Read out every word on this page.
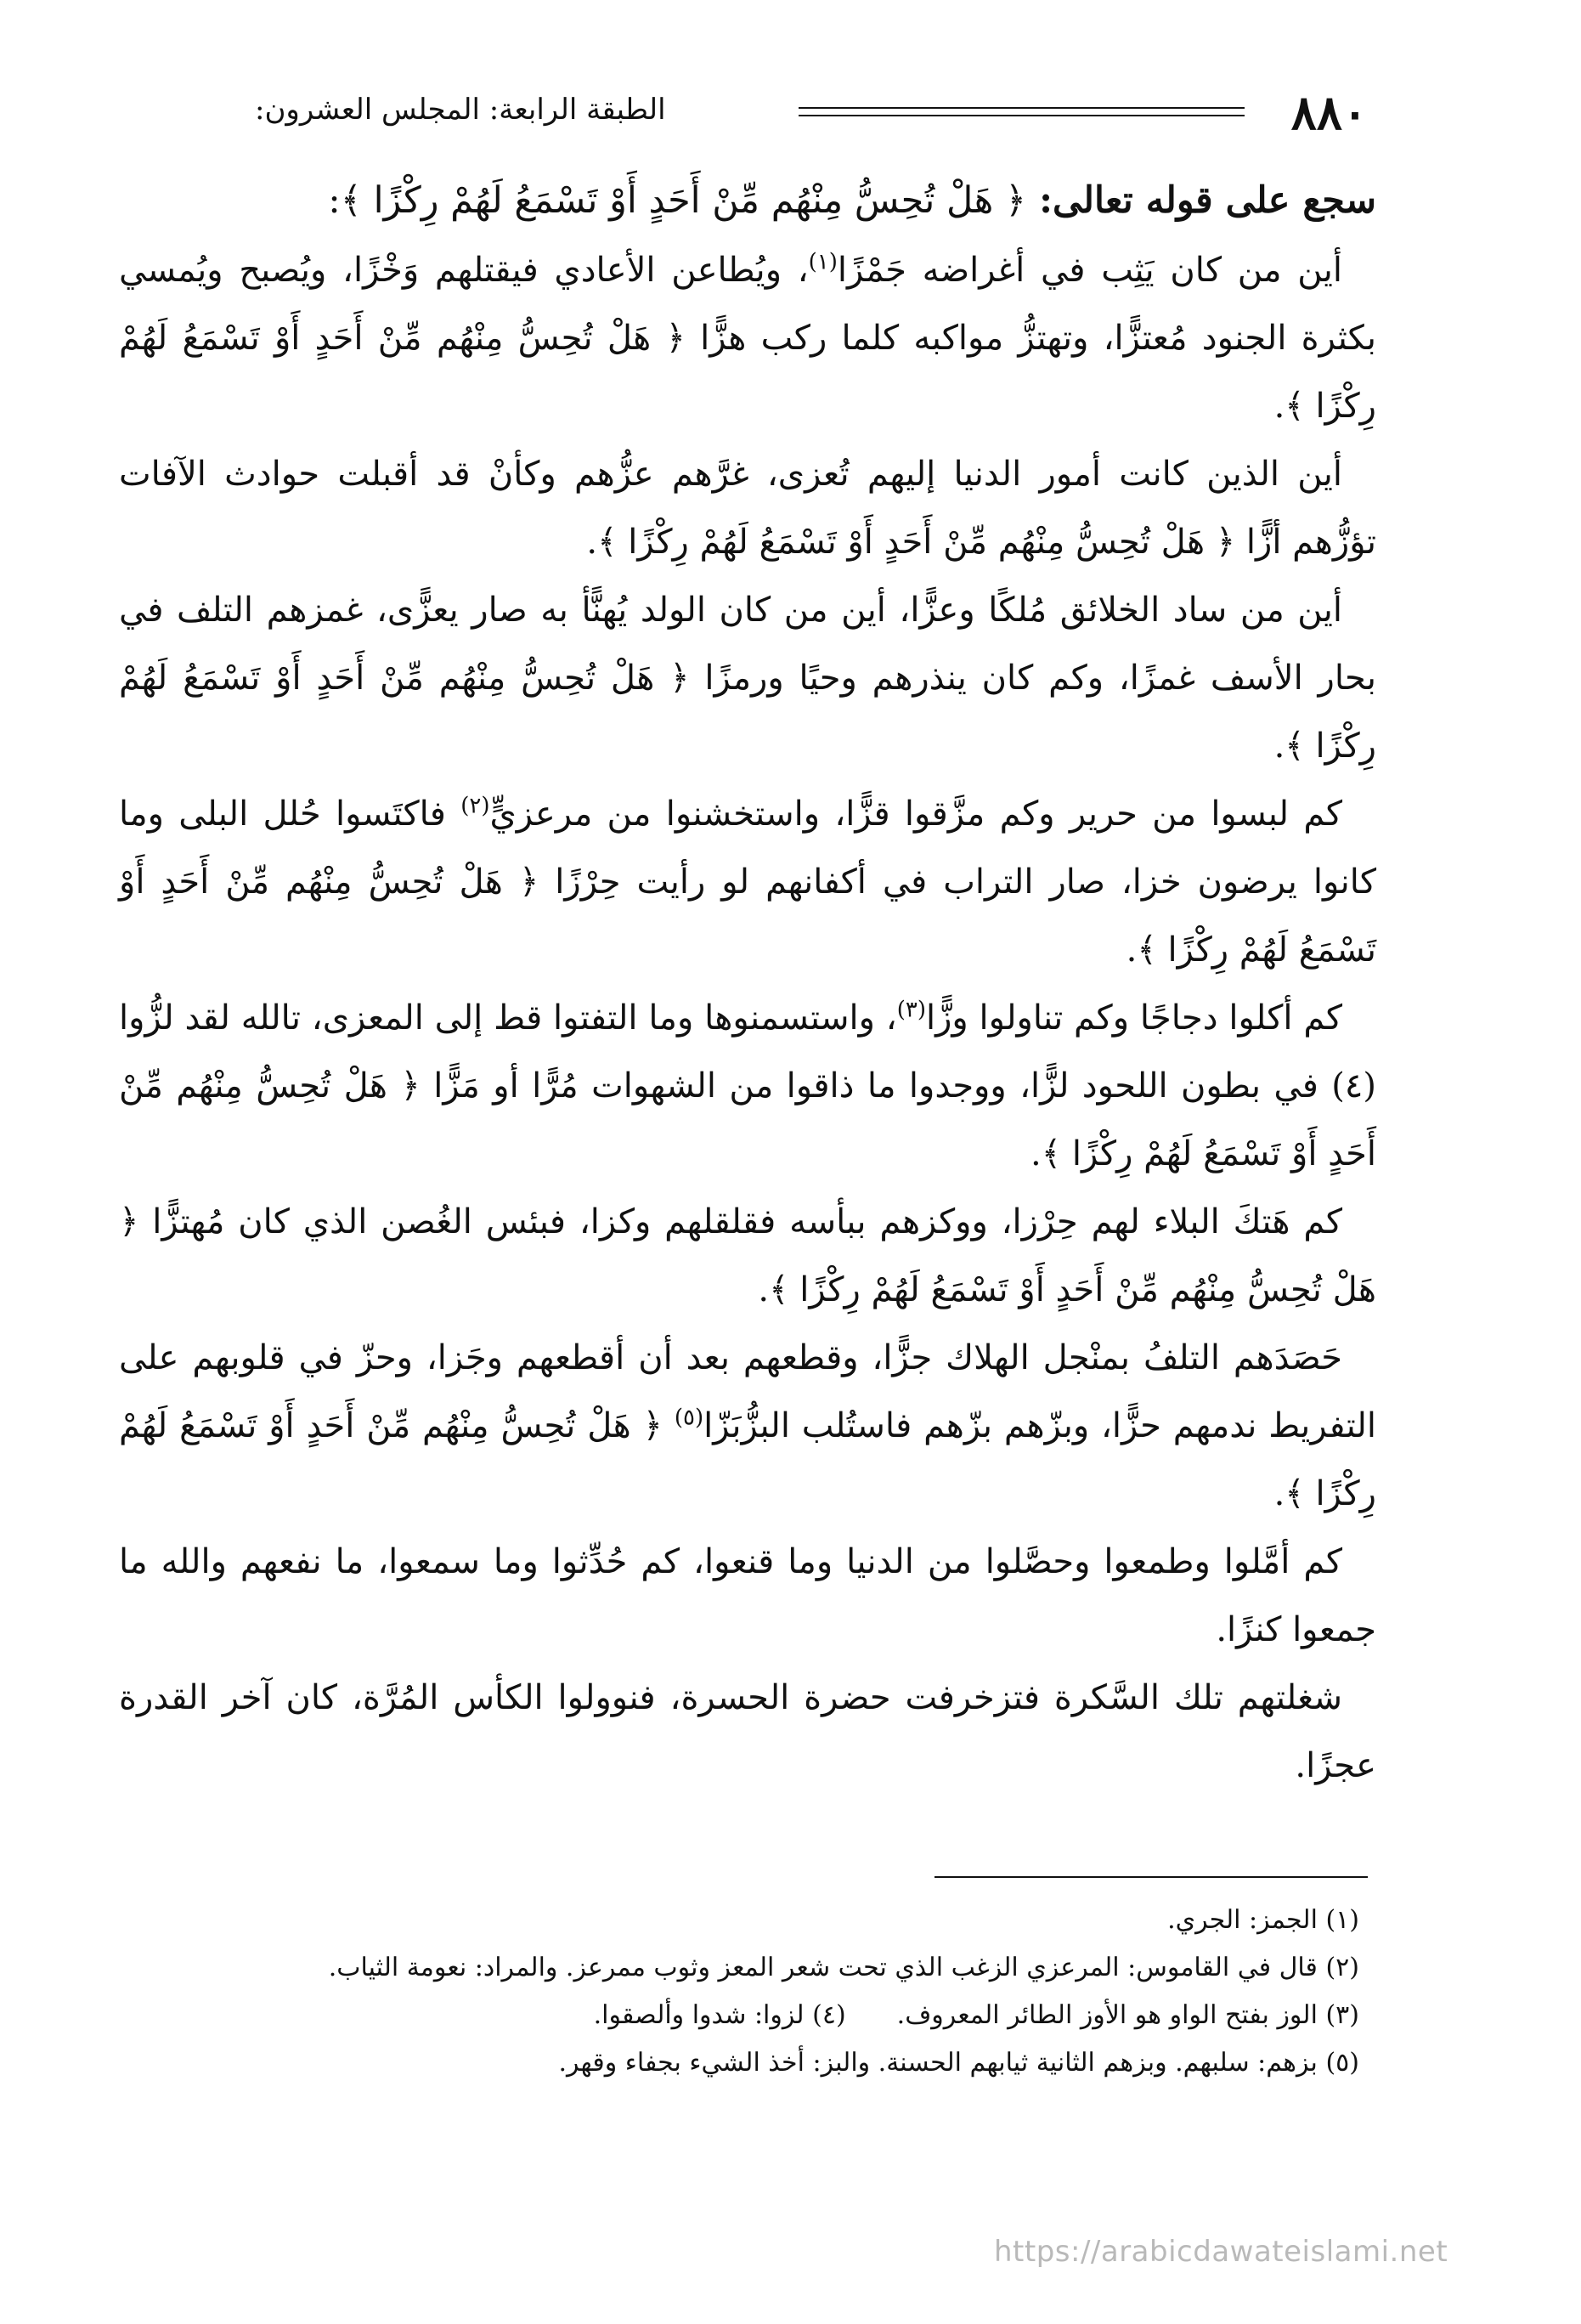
٨٨٠
الطبقة الرابعة: المجلس العشرون:

سجع على قوله تعالى: ﴿ هَلْ تُحِسُّ مِنْهُم مِّنْ أَحَدٍ أَوْ تَسْمَعُ لَهُمْ رِكْزًا ﴾:

أين من كان يَثِب في أغراضه جَمْزًا$^{(١)}$، ويُطاعن الأعادي فيقتلهم وَخْزًا، ويُصبح ويُمسي بكثرة الجنود مُعتزًّا، وتهتزُّ مواكبه كلما ركب هزًّا ﴿ هَلْ تُحِسُّ مِنْهُم مِّنْ أَحَدٍ أَوْ تَسْمَعُ لَهُمْ رِكْزًا ﴾.

أين الذين كانت أمور الدنيا إليهم تُعزى، غرَّهم عزُّهم وكأنْ قد أقبلت حوادث الآفات تؤزُّهم أزًّا ﴿ هَلْ تُحِسُّ مِنْهُم مِّنْ أَحَدٍ أَوْ تَسْمَعُ لَهُمْ رِكْزًا ﴾.

أين من ساد الخلائق مُلكًا وعزًّا، أين من كان الولد يُهنًّأ به صار يعزًّى، غمزهم التلف في بحار الأسف غمزًا، وكم كان ينذرهم وحيًا ورمزًا ﴿ هَلْ تُحِسُّ مِنْهُم مِّنْ أَحَدٍ أَوْ تَسْمَعُ لَهُمْ رِكْزًا ﴾.

كم لبسوا من حرير وكم مزَّقوا قزًّا، واستخشنوا من مرعزيٍّ$^{(٢)}$ فاكتَسوا حُلل البلى وما كانوا يرضون خزا، صار التراب في أكفانهم لو رأيت حِرْزًا ﴿ هَلْ تُحِسُّ مِنْهُم مِّنْ أَحَدٍ أَوْ تَسْمَعُ لَهُمْ رِكْزًا ﴾.

كم أكلوا دجاجًا وكم تناولوا وزًّا$^{(٣)}$، واستسمنوها وما التفتوا قط إلى المعزى، تالله لقد لزُّوا (٤) في بطون اللحود لزًّا، ووجدوا ما ذاقوا من الشهوات مُرًّا أو مَزًّا ﴿ هَلْ تُحِسُّ مِنْهُم مِّنْ أَحَدٍ أَوْ تَسْمَعُ لَهُمْ رِكْزًا ﴾.

كم هَتكَ البلاء لهم حِرْزا، ووكزهم ببأسه فقلقلهم وكزا، فبئس الغُصن الذي كان مُهتزًّا ﴿ هَلْ تُحِسُّ مِنْهُم مِّنْ أَحَدٍ أَوْ تَسْمَعُ لَهُمْ رِكْزًا ﴾.

حَصَدَهم التلفُ بمنْجل الهلاك جزًّا، وقطعهم بعد أن أقطعهم وجَزا، وحزّ في قلوبهم على التفريط ندمهم حزًّا، وبزّهم بزّهم فاستُلب البزُّبَزّا$^{(٥)}$ ﴿ هَلْ تُحِسُّ مِنْهُم مِّنْ أَحَدٍ أَوْ تَسْمَعُ لَهُمْ رِكْزًا ﴾.

كم أمَّلوا وطمعوا وحصَّلوا من الدنيا وما قنعوا، كم حُدِّثوا وما سمعوا، ما نفعهم والله ما جمعوا كنزًا.

شغلتهم تلك السَّكرة فتزخرفت حضرة الحسرة، فنوولوا الكأس المُرَّة، كان آخر القدرة عجزًا.

(١) الجمز: الجري.

(٢) قال في القاموس: المرعزي الزغب الذي تحت شعر المعز وثوب ممرعز. والمراد: نعومة الثياب.

(٣) الوز بفتح الواو هو الأوز الطائر المعروف.(٤) لزوا: شدوا وألصقوا.

(٥) بزهم: سلبهم. وبزهم الثانية ثيابهم الحسنة. والبز: أخذ الشيء بجفاء وقهر.

https://arabicdawateislami.net
